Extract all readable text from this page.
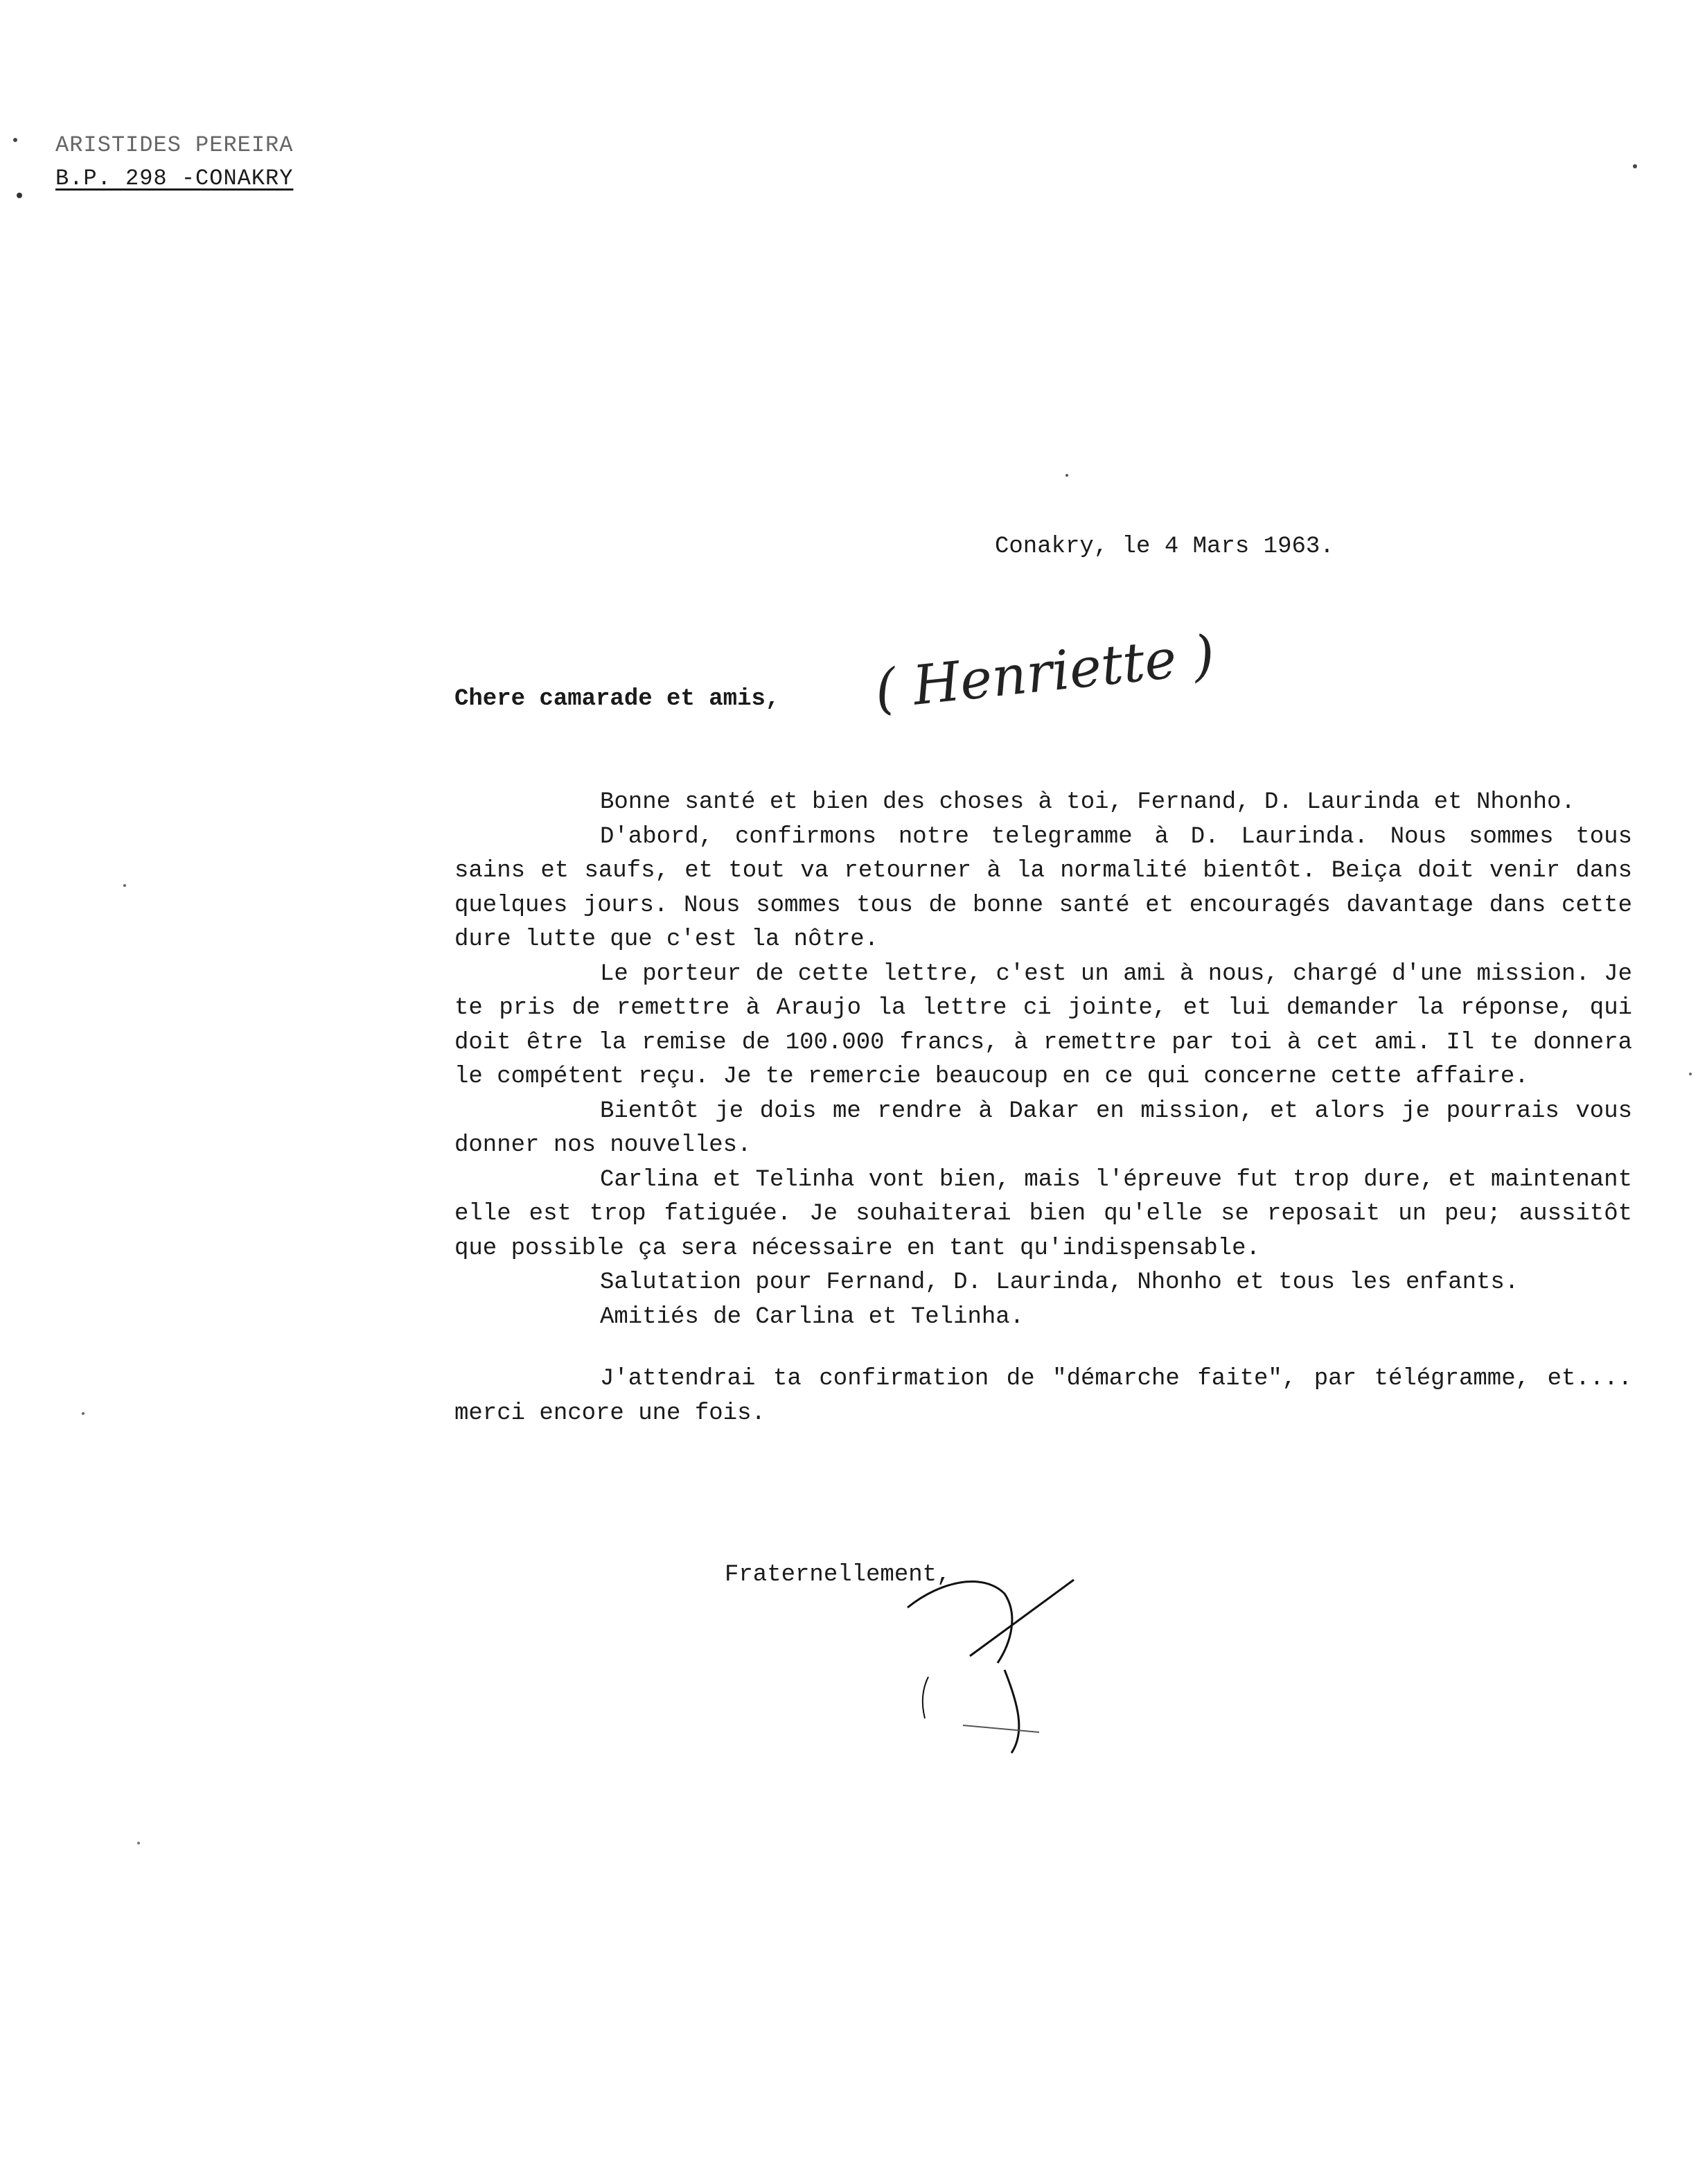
ARISTIDES PEREIRA
B.P. 298 -CONAKRY
Conakry, le 4 Mars 1963.
Chere camarade et amis, ( Henriette )

Bonne santé et bien des choses à toi, Fernand, D. Laurinda et Nhonho.

D'abord, confirmons notre telegramme à D. Laurinda. Nous sommes tous sains et saufs, et tout va retourner à la normalité bientôt. Beiça doit venir dans quelques jours. Nous sommes tous de bonne santé et encouragés davantage dans cette dure lutte que c'est la nôtre.

Le porteur de cette lettre, c'est un ami à nous, chargé d'une mission. Je te pris de remettre à Araujo la lettre ci jointe, et lui demander la réponse, qui doit être la remise de 100.000 francs, à remettre par toi à cet ami. Il te donnera le compétent reçu. Je te remercie beaucoup en ce qui concerne cette affaire.

Bientôt je dois me rendre à Dakar en mission, et alors je pourrais vous donner nos nouvelles.

Carlina et Telinha vont bien, mais l'épreuve fut trop dure, et maintenant elle est trop fatiguée. Je souhaiterai bien qu'elle se reposait un peu; aussitôt que possible ça sera nécessaire en tant qu'indispensable.

Salutation pour Fernand, D. Laurinda, Nhonho et tous les enfants.
Amitiés de Carlina et Telinha.

J'attendrai ta confirmation de "démarche faite", par télégramme, et.... merci encore une fois.

Fraternellement,
